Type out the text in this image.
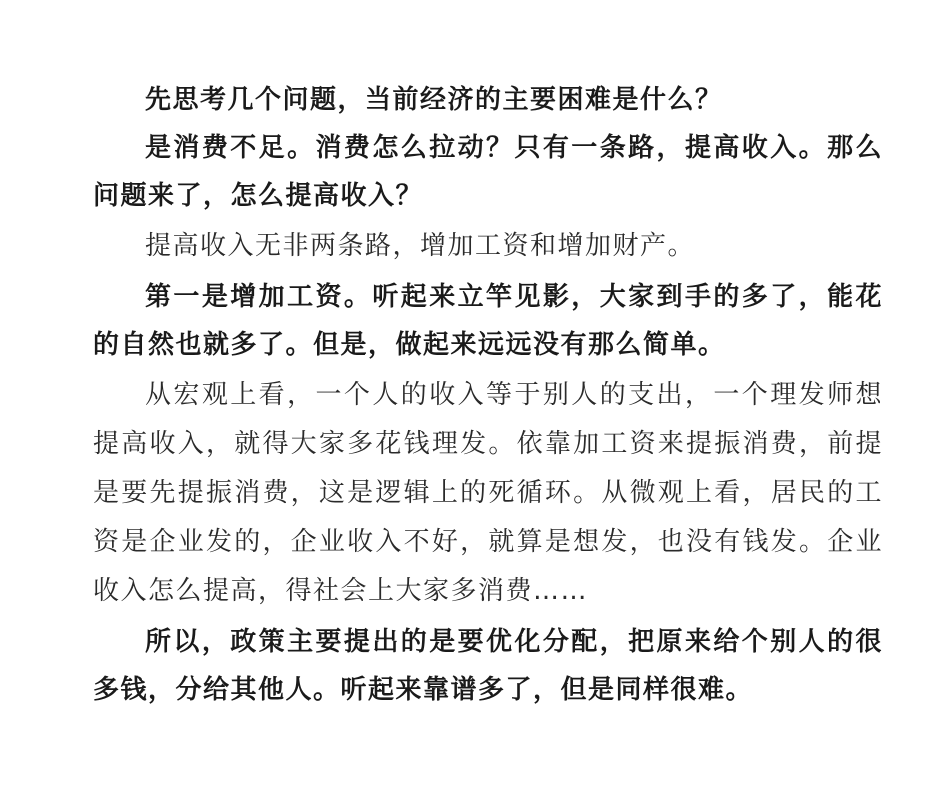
先思考几个问题，当前经济的主要困难是什么？

是消费不足。消费怎么拉动？只有一条路，提高收入。那么问题来了，怎么提高收入？

提高收入无非两条路，增加工资和增加财产。

第一是增加工资。听起来立竿见影，大家到手的多了，能花的自然也就多了。但是，做起来远远没有那么简单。

从宏观上看，一个人的收入等于别人的支出，一个理发师想提高收入，就得大家多花钱理发。依靠加工资来提振消费，前提是要先提振消费，这是逻辑上的死循环。从微观上看，居民的工资是企业发的，企业收入不好，就算是想发，也没有钱发。企业收入怎么提高，得社会上大家多消费……

所以，政策主要提出的是要优化分配，把原来给个别人的很多钱，分给其他人。听起来靠谱多了，但是同样很难。
